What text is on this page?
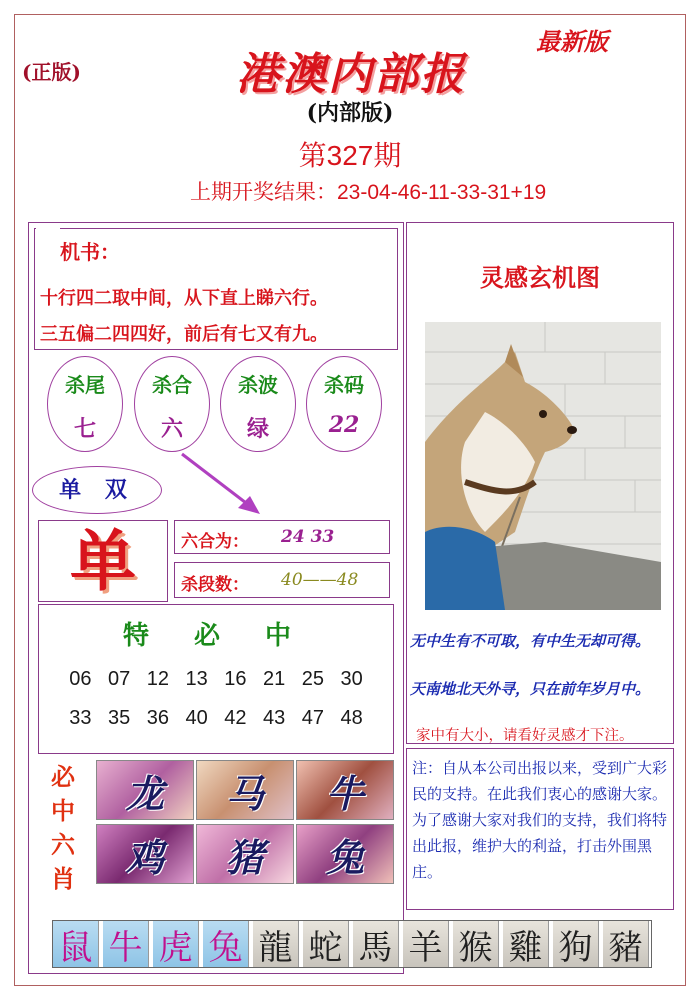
(正版)	港澳内部报
最新版
(内部版)
第327期
上期开奖结果：23-04-46-11-33-31+19
机书：
十行四二取中间，从下直上睇六行。
三五偏二四四好，前后有七又有九。
杀尾
七
杀合
六
杀波
绿
杀码
22
单 双
单	六合为： 24 33
杀段数： 40——48
特 必 中
06 07 12 13 16 21 25 30
33 35 36 40 42 43 47 48
必中六肖
龙 马 牛
鸡 猪 兔
灵感玄机图
无中生有不可取，有中生无却可得。
天南地北天外寻，只在前年岁月中。
家中有大小，请看好灵感才下注。
注：自从本公司出报以来，受到广大彩民的支持。在此我们衷心的感谢大家。为了感谢大家对我们的支持，我们将特出此报，维护大的利益，打击外围黑庄。
鼠 牛 虎 兔 龍 蛇 馬 羊 猴 雞 狗 豬
